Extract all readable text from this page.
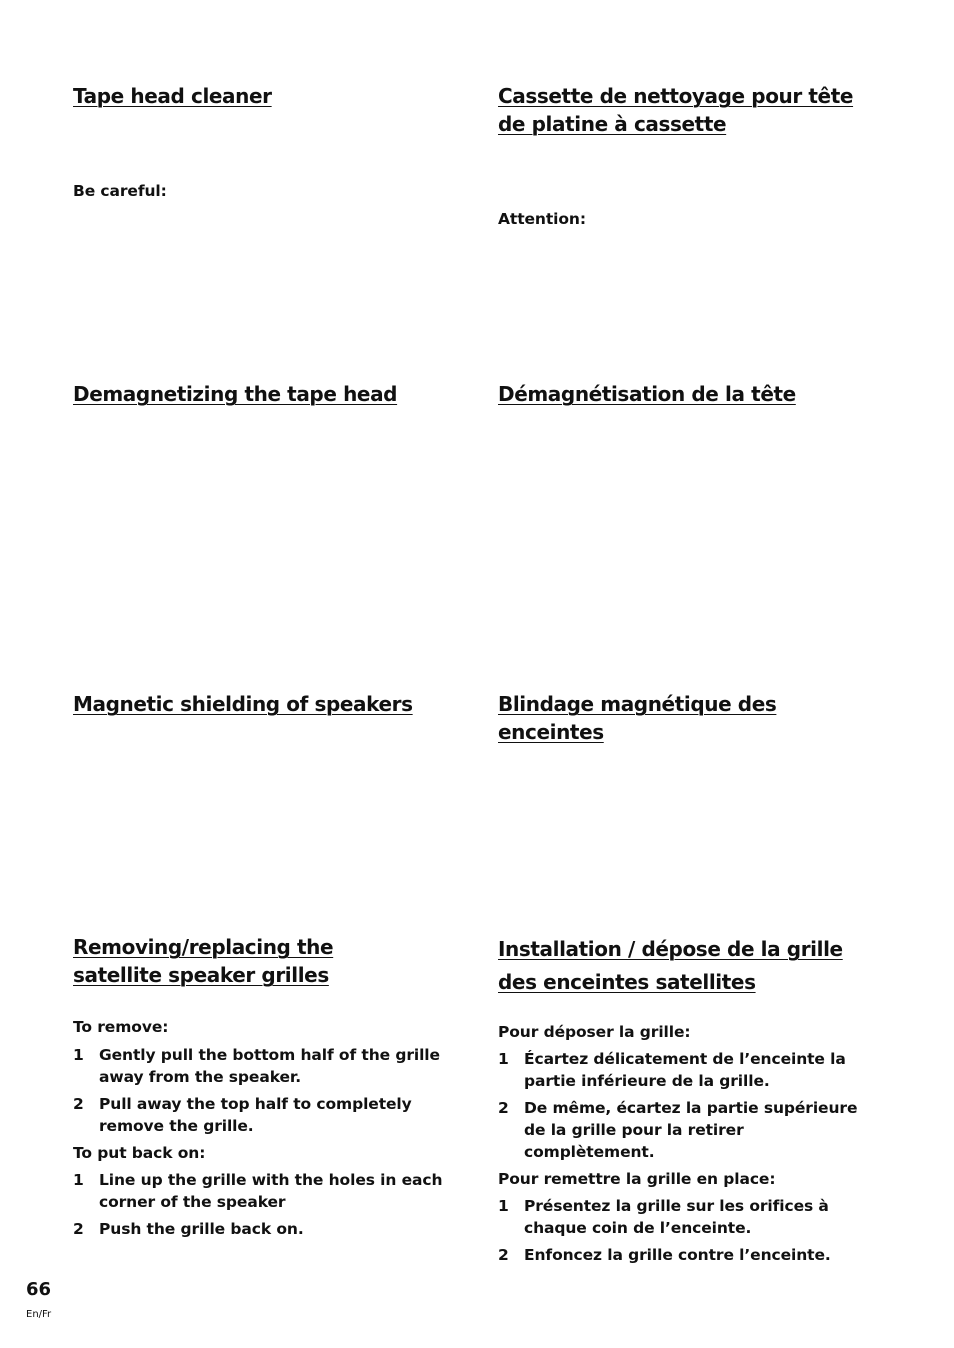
Tape head cleaner
Be careful:
Cassette de nettoyage pour tête de platine à cassette
Attention:
Demagnetizing the tape head	Démagnétisation de la tête
Magnetic shielding of speakers	Blindage magnétique des enceintes
Removing/replacing the satellite speaker grilles
To remove:
1 Gently pull the bottom half of the grille away from the speaker.
2 Pull away the top half to completely remove the grille.
To put back on:
1 Line up the grille with the holes in each corner of the speaker
2 Push the grille back on.
Installation / dépose de la grille des enceintes satellites
Pour déposer la grille:
1 Écartez délicatement de l’enceinte la partie inférieure de la grille.
2 De même, écartez la partie supérieure de la grille pour la retirer complètement.
Pour remettre la grille en place:
1 Présentez la grille sur les orifices à chaque coin de l’enceinte.
2 Enfoncez la grille contre l’enceinte.
66
En/Fr
